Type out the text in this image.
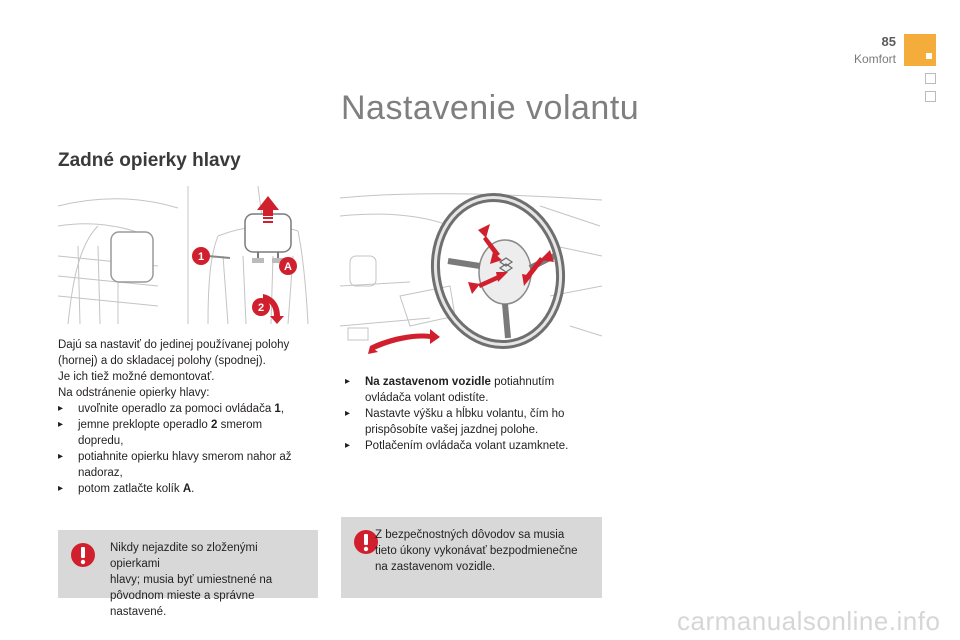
85
Komfort
Nastavenie volantu
Zadné opierky hlavy
1
A
2

Dajú sa nastaviť do jedinej používanej polohy

(hornej) a do skladacej polohy (spodnej).

Je ich tiež možné demontovať.

Na odstránenie opierky hlavy:

▸	uvoľnite operadlo za pomoci ovládača 1,
▸	jemne preklopte operadlo 2 smerom
dopredu,
▸	potiahnite opierku hlavy smerom nahor až
nadoraz,
▸	potom zatlačte kolík A.
▸	Na zastavenom vozidle potiahnutím
ovládača volant odistíte.
▸	Nastavte výšku a hĺbku volantu, čím ho
prispôsobíte vašej jazdnej polohe.
▸	Potlačením ovládača volant uzamknete.
Nikdy nejazdite so zloženými opierkami
hlavy; musia byť umiestnené na
pôvodnom mieste a správne nastavené.
Z bezpečnostných dôvodov sa musia
tieto úkony vykonávať bezpodmienečne
na zastavenom vozidle.
carmanualsonline.info
